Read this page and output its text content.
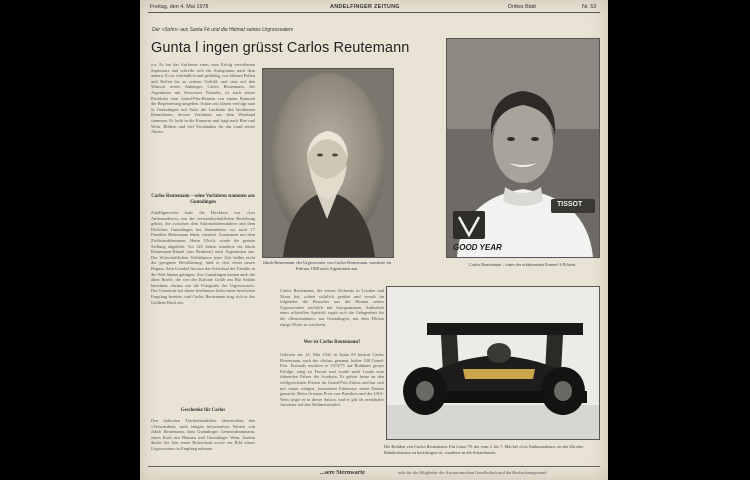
Freitag, den 4. Mai 1978	ANDELFINGER ZEITUNG	Drittes Blatt	Nr. 53
Der «Sohn» aus Santa Fé und die Heimat seines Urgrossvaters
Gunta l ingen grüsst Carlos Reutemann
z.a. Er hat das Auftreten eines vom Erfolg verwöhnten Superstars und schreibt sich ein Autogramm nach dem andern. Er ist verbindlich und geduldig, von kleinen Pullen und Reifen bis zu seinem Vorbild, und stets auf den Wunsch seiner Anhänger. Carlos Reutemann, der Argentinier mit Schweizer Wurzeln, ist nach seiner Rückkehr vom Grand-Prix-Rennen von einem Rummel der Begeisterung umgeben. Schon seit Jahren verfolgt man in Guntalingen mit Stolz die Laufbahn des berühmten Rennfahrers, dessen Vorfahren aus dem Weinland stammen. Er lacht in die Kameras und fragt nach Bier und Wein, Bildern und viel Verständnis für das Land seiner Ahnen.
Carlos Reutemann – seine Vorfahren stammen aus Guntalingen
Zufälligerweise hatte die Direktion von «Les Ambassadeurs» von der verwandtschaftlichen Beziehung gehört, die zwischen dem Automobilrennfahrer und dem Dörfchen Guntalingen bei Stammheim, wo noch 17 Familien Reutemann leben, existiert. Zusammen mit dem Zivilstandsbeamten, Herrn Ulrich, wurde die genaue Stellung abgeklärt: Vor 120 Jahren wanderte ein Jakob Reutemann-Künzli (aus Benkeen) nach Argentinien aus. Der Wirtschaftlichen Verhältnisse jener Zeit halber nicht der geeignete Bevölkerung, fand er dort einen neuen Beginn. Sein Urenkel hat nun das Schicksal der Familie in die Welt hinaus getragen. Aus Guntalingen kamen auch die alten Briefe, die von der Kolonie Grütli am Rio Salado berichten, ebenso wie die Fotografie des Urgrossvaters. Die Gemeinde hat ihrem berühmten Sohn einen herzlichen Empfang bereitet, und Carlos Reutemann trug sich in das Goldene Buch ein.
Geschenke für Carlos
Den hübschen Trachtenmädchen überreichten den «Verwandten» nach einigen informativen Worten von Jakob Reutemann, dem Guntalinger Gemeindeammann, einen Korb mit Blumen und Guntalinger Wein. Zudem durfte der Star einen Holzschnitt sowie ein Bild seines Urgrossvaters in Empfang nehmen.
Jakob Reutemann, der Urgrossvater von Carlos Reutemann, wanderte im Februar 1858 nach Argentinien aus.
Carlos Reutemann, der seinen Wohnsitz in London und Nizza hat, schien sichtlich gerührt und versah im folgenden die Besucher aus der Heimat seines Urgrossvaters reichlich mit Autogrammen. Anlässlich eines offiziellen Apéritifs ergab sich die Gelegenheit für die «Reutemänner» aus Guntalingen, mit dem Piloten einige Worte zu wechseln.
Wer ist Carlos Reutemann?
Geboren am 12. Mai 1942 in Santa Fé bestritt Carlos Reutemann, auch der «Sohn» genannt, bisher 100 Grand-Prix. Erstmals erschien er 1974/75 auf Brabham grosse Erfolge, stieg zu Ferrari und wurde nach Lauda zum führenden Fahrer der Scuderia. Er gehört heute zu den erfolgreichsten Piloten im Grand-Prix-Zirkus und hat sich mit seiner ruhigen, konstanten Fahrweise einen Namen gemacht. Beim Grossen Preis von Brasilien und der USA-West siegte er in dieser Saison, und er gilt als ernsthafter Anwärter auf den Weltmeistertitel.
TISSOT
GOOD YEAR
Carlos Reutemann – einer der erfahrensten Formel-1-Piloten
Die Boliden von Carlos Reutemann: Ein Lotus 78, der vom 2. bis 7. Mai bei «Les Ambassadeurs» an der Zürcher Bahnhofstrasse zu besichtigen ist, wanderte in die Schaufenster.
...sere Sternwarte	tude für die Mitglieder der Astronomischen Gesellschaft und die Beobachtungsstand
